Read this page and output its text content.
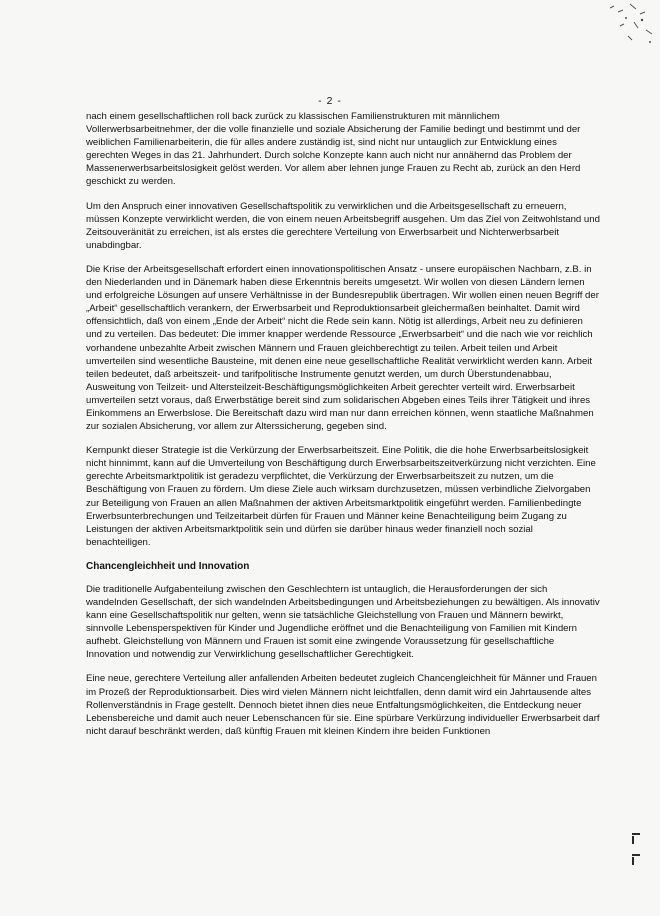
- 2 -

nach einem gesellschaftlichen roll back zurück zu klassischen Familienstrukturen mit männlichem Vollerwerbsarbeitnehmer, der die volle finanzielle und soziale Absicherung der Familie bedingt und bestimmt und der weiblichen Familienarbeiterin, die für alles andere zuständig ist, sind nicht nur untauglich zur Entwicklung eines gerechten Weges in das 21. Jahrhundert. Durch solche Konzepte kann auch nicht nur annähernd das Problem der Massenerwerbsarbeitslosigkeit gelöst werden. Vor allem aber lehnen junge Frauen zu Recht ab, zurück an den Herd geschickt zu werden.

Um den Anspruch einer innovativen Gesellschaftspolitik zu verwirklichen und die Arbeitsgesellschaft zu erneuern, müssen Konzepte verwirklicht werden, die von einem neuen Arbeitsbegriff ausgehen. Um das Ziel von Zeitwohlstand und Zeitsouveränität zu erreichen, ist als erstes die gerechtere Verteilung von Erwerbsarbeit und Nichterwerbsarbeit unabdingbar.

Die Krise der Arbeitsgesellschaft erfordert einen innovationspolitischen Ansatz - unsere europäischen Nachbarn, z.B. in den Niederlanden und in Dänemark haben diese Erkenntnis bereits umgesetzt. Wir wollen von diesen Ländern lernen und erfolgreiche Lösungen auf unsere Verhältnisse in der Bundesrepublik übertragen. Wir wollen einen neuen Begriff der „Arbeit“ gesellschaftlich verankern, der Erwerbsarbeit und Reproduktionsarbeit gleichermaßen beinhaltet. Damit wird offensichtlich, daß von einem „Ende der Arbeit“ nicht die Rede sein kann. Nötig ist allerdings, Arbeit neu zu definieren und zu verteilen. Das bedeutet: Die immer knapper werdende Ressource „Erwerbsarbeit“ und die nach wie vor reichlich vorhandene unbezahlte Arbeit zwischen Männern und Frauen gleichberechtigt zu teilen. Arbeit teilen und Arbeit umverteilen sind wesentliche Bausteine, mit denen eine neue gesellschaftliche Realität verwirklicht werden kann. Arbeit teilen bedeutet, daß arbeitszeit- und tarifpolitische Instrumente genutzt werden, um durch Überstundenabbau, Ausweitung von Teilzeit- und Altersteilzeit-Beschäftigungsmöglichkeiten Arbeit gerechter verteilt wird. Erwerbsarbeit umverteilen setzt voraus, daß Erwerbstätige bereit sind zum solidarischen Abgeben eines Teils ihrer Tätigkeit und ihres Einkommens an Erwerbslose. Die Bereitschaft dazu wird man nur dann erreichen können, wenn staatliche Maßnahmen zur sozialen Absicherung, vor allem zur Alterssicherung, gegeben sind.

Kernpunkt dieser Strategie ist die Verkürzung der Erwerbsarbeitszeit. Eine Politik, die die hohe Erwerbsarbeitslosigkeit nicht hinnimmt, kann auf die Umverteilung von Beschäftigung durch Erwerbsarbeitszeitverkürzung nicht verzichten. Eine gerechte Arbeitsmarktpolitik ist geradezu verpflichtet, die Verkürzung der Erwerbsarbeitszeit zu nutzen, um die Beschäftigung von Frauen zu fördern. Um diese Ziele auch wirksam durchzusetzen, müssen verbindliche Zielvorgaben zur Beteiligung von Frauen an allen Maßnahmen der aktiven Arbeitsmarktpolitik eingeführt werden. Familienbedingte Erwerbsunterbrechungen und Teilzeitarbeit dürfen für Frauen und Männer keine Benachteiligung beim Zugang zu Leistungen der aktiven Arbeitsmarktpolitik sein und dürfen sie darüber hinaus weder finanziell noch sozial benachteiligen.

Chancengleichheit und Innovation

Die traditionelle Aufgabenteilung zwischen den Geschlechtern ist untauglich, die Herausforderungen der sich wandelnden Gesellschaft, der sich wandelnden Arbeitsbedingungen und Arbeitsbeziehungen zu bewältigen. Als innovativ kann eine Gesellschaftspolitik nur gelten, wenn sie tatsächliche Gleichstellung von Frauen und Männern bewirkt, sinnvolle Lebensperspektiven für Kinder und Jugendliche eröffnet und die Benachteiligung von Familien mit Kindern aufhebt. Gleichstellung von Männern und Frauen ist somit eine zwingende Voraussetzung für gesellschaftliche Innovation und notwendig zur Verwirklichung gesellschaftlicher Gerechtigkeit.

Eine neue, gerechtere Verteilung aller anfallenden Arbeiten bedeutet zugleich Chancengleichheit für Männer und Frauen im Prozeß der Reproduktionsarbeit. Dies wird vielen Männern nicht leichtfallen, denn damit wird ein Jahrtausende altes Rollenverständnis in Frage gestellt. Dennoch bietet ihnen dies neue Entfaltungsmöglichkeiten, die Entdeckung neuer Lebensbereiche und damit auch neuer Lebenschancen für sie. Eine spürbare Verkürzung individueller Erwerbsarbeit darf nicht darauf beschränkt werden, daß künftig Frauen mit kleinen Kindern ihre beiden Funktionen
